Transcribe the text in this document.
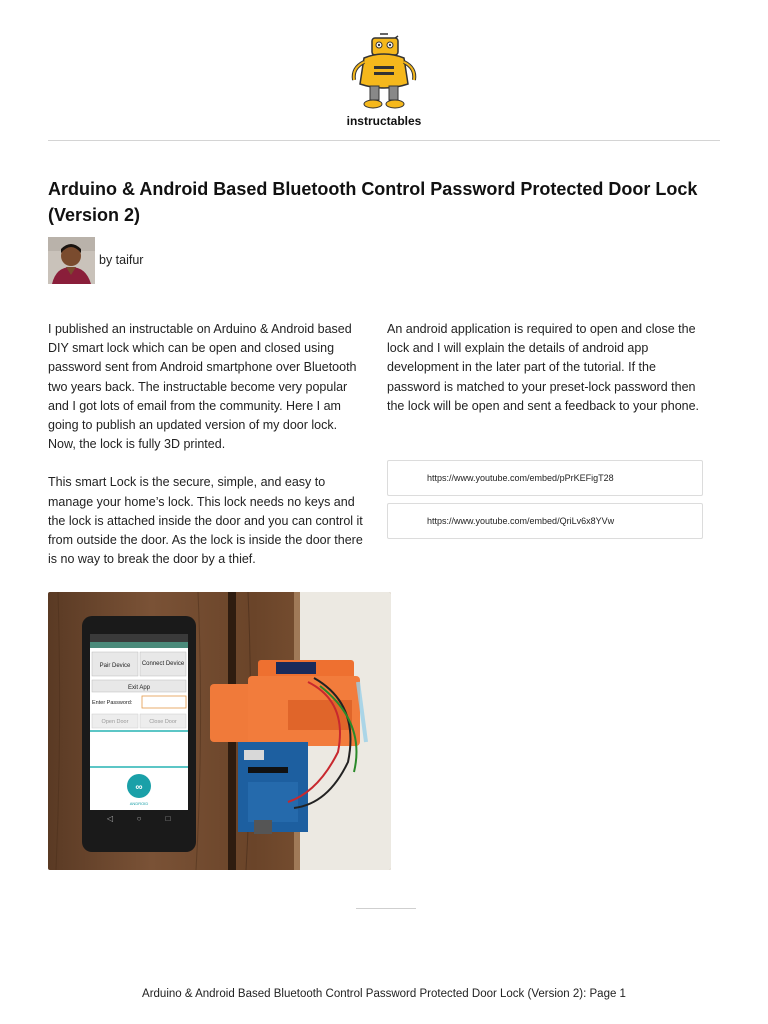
instructables
Arduino & Android Based Bluetooth Control Password Protected Door Lock (Version 2)
by taifur

I published an instructable on Arduino & Android based DIY smart lock which can be open and closed using password sent from Android smartphone over Bluetooth two years back. The instructable become very popular and I got lots of email from the community. Here I am going to publish an updated version of my door lock. Now, the lock is fully 3D printed.

This smart Lock is the secure, simple, and easy to manage your home’s lock. This lock needs no keys and the lock is attached inside the door and you can control it from outside the door. As the lock is inside the door there is no way to break the door by a thief.

An android application is required to open and close the lock and I will explain the details of android app development in the later part of the tutorial. If the password is matched to your preset-lock password then the lock will be open and sent a feedback to your phone.

https://www.youtube.com/embed/pPrKEFigT28
https://www.youtube.com/embed/QriLv6x8YVw
Pair Device Connect Device
Exit App
Enter Password:
Open Door	Close Door
∞
ANDROID
◁	○	□
Arduino & Android Based Bluetooth Control Password Protected Door Lock (Version 2): Page 1
